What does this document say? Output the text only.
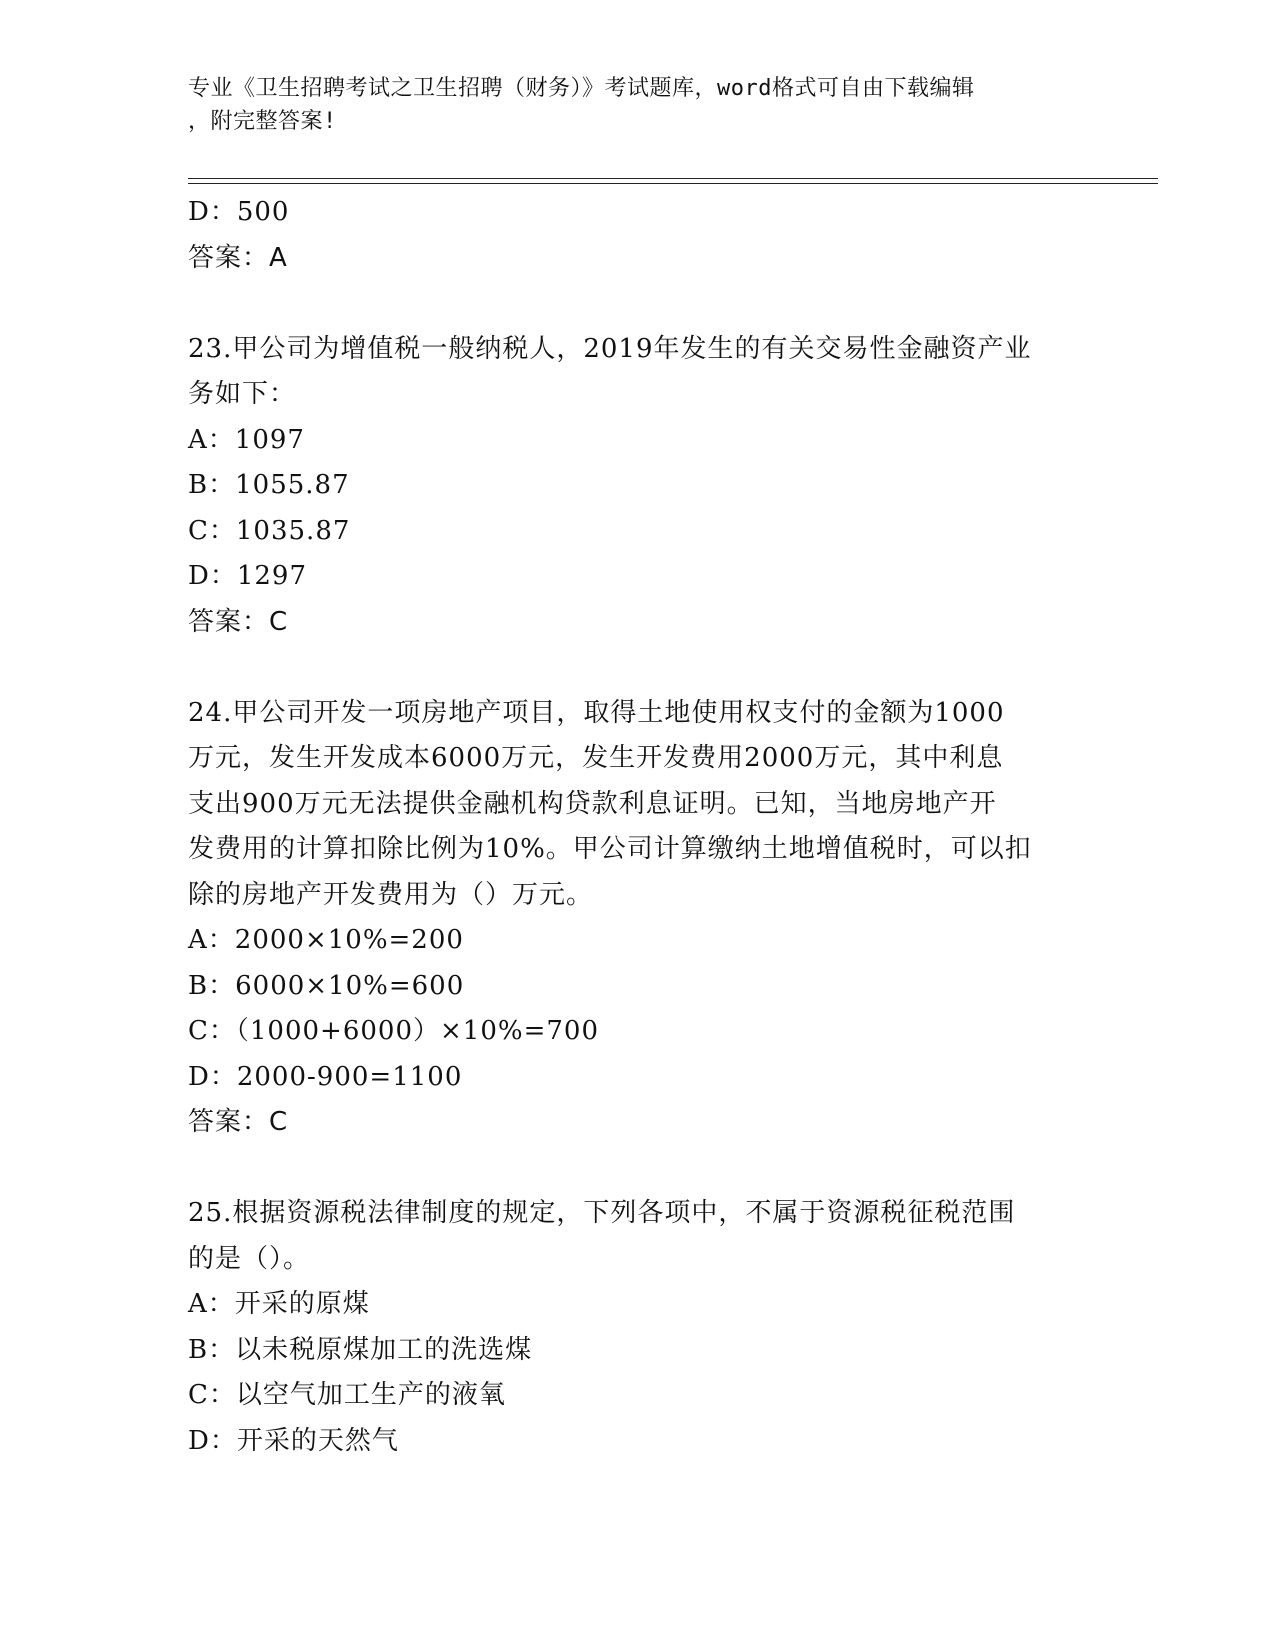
专业《卫生招聘考试之卫生招聘（财务）》考试题库，word格式可自由下载编辑
，附完整答案!
D：500
答案：A
23.甲公司为增值税一般纳税人，2019年发生的有关交易性金融资产业
务如下：
A：1097
B：1055.87
C：1035.87
D：1297
答案：C
24.甲公司开发一项房地产项目，取得土地使用权支付的金额为1000
万元，发生开发成本6000万元，发生开发费用2000万元，其中利息
支出900万元无法提供金融机构贷款利息证明。已知，当地房地产开
发费用的计算扣除比例为10%。甲公司计算缴纳土地增值税时，可以扣
除的房地产开发费用为（）万元。
A：2000×10%=200
B：6000×10%=600
C：（1000+6000）×10%=700
D：2000-900=1100
答案：C
25.根据资源税法律制度的规定，下列各项中，不属于资源税征税范围
的是（）。
A：开采的原煤
B：以未税原煤加工的洗选煤
C：以空气加工生产的液氧
D：开采的天然气
